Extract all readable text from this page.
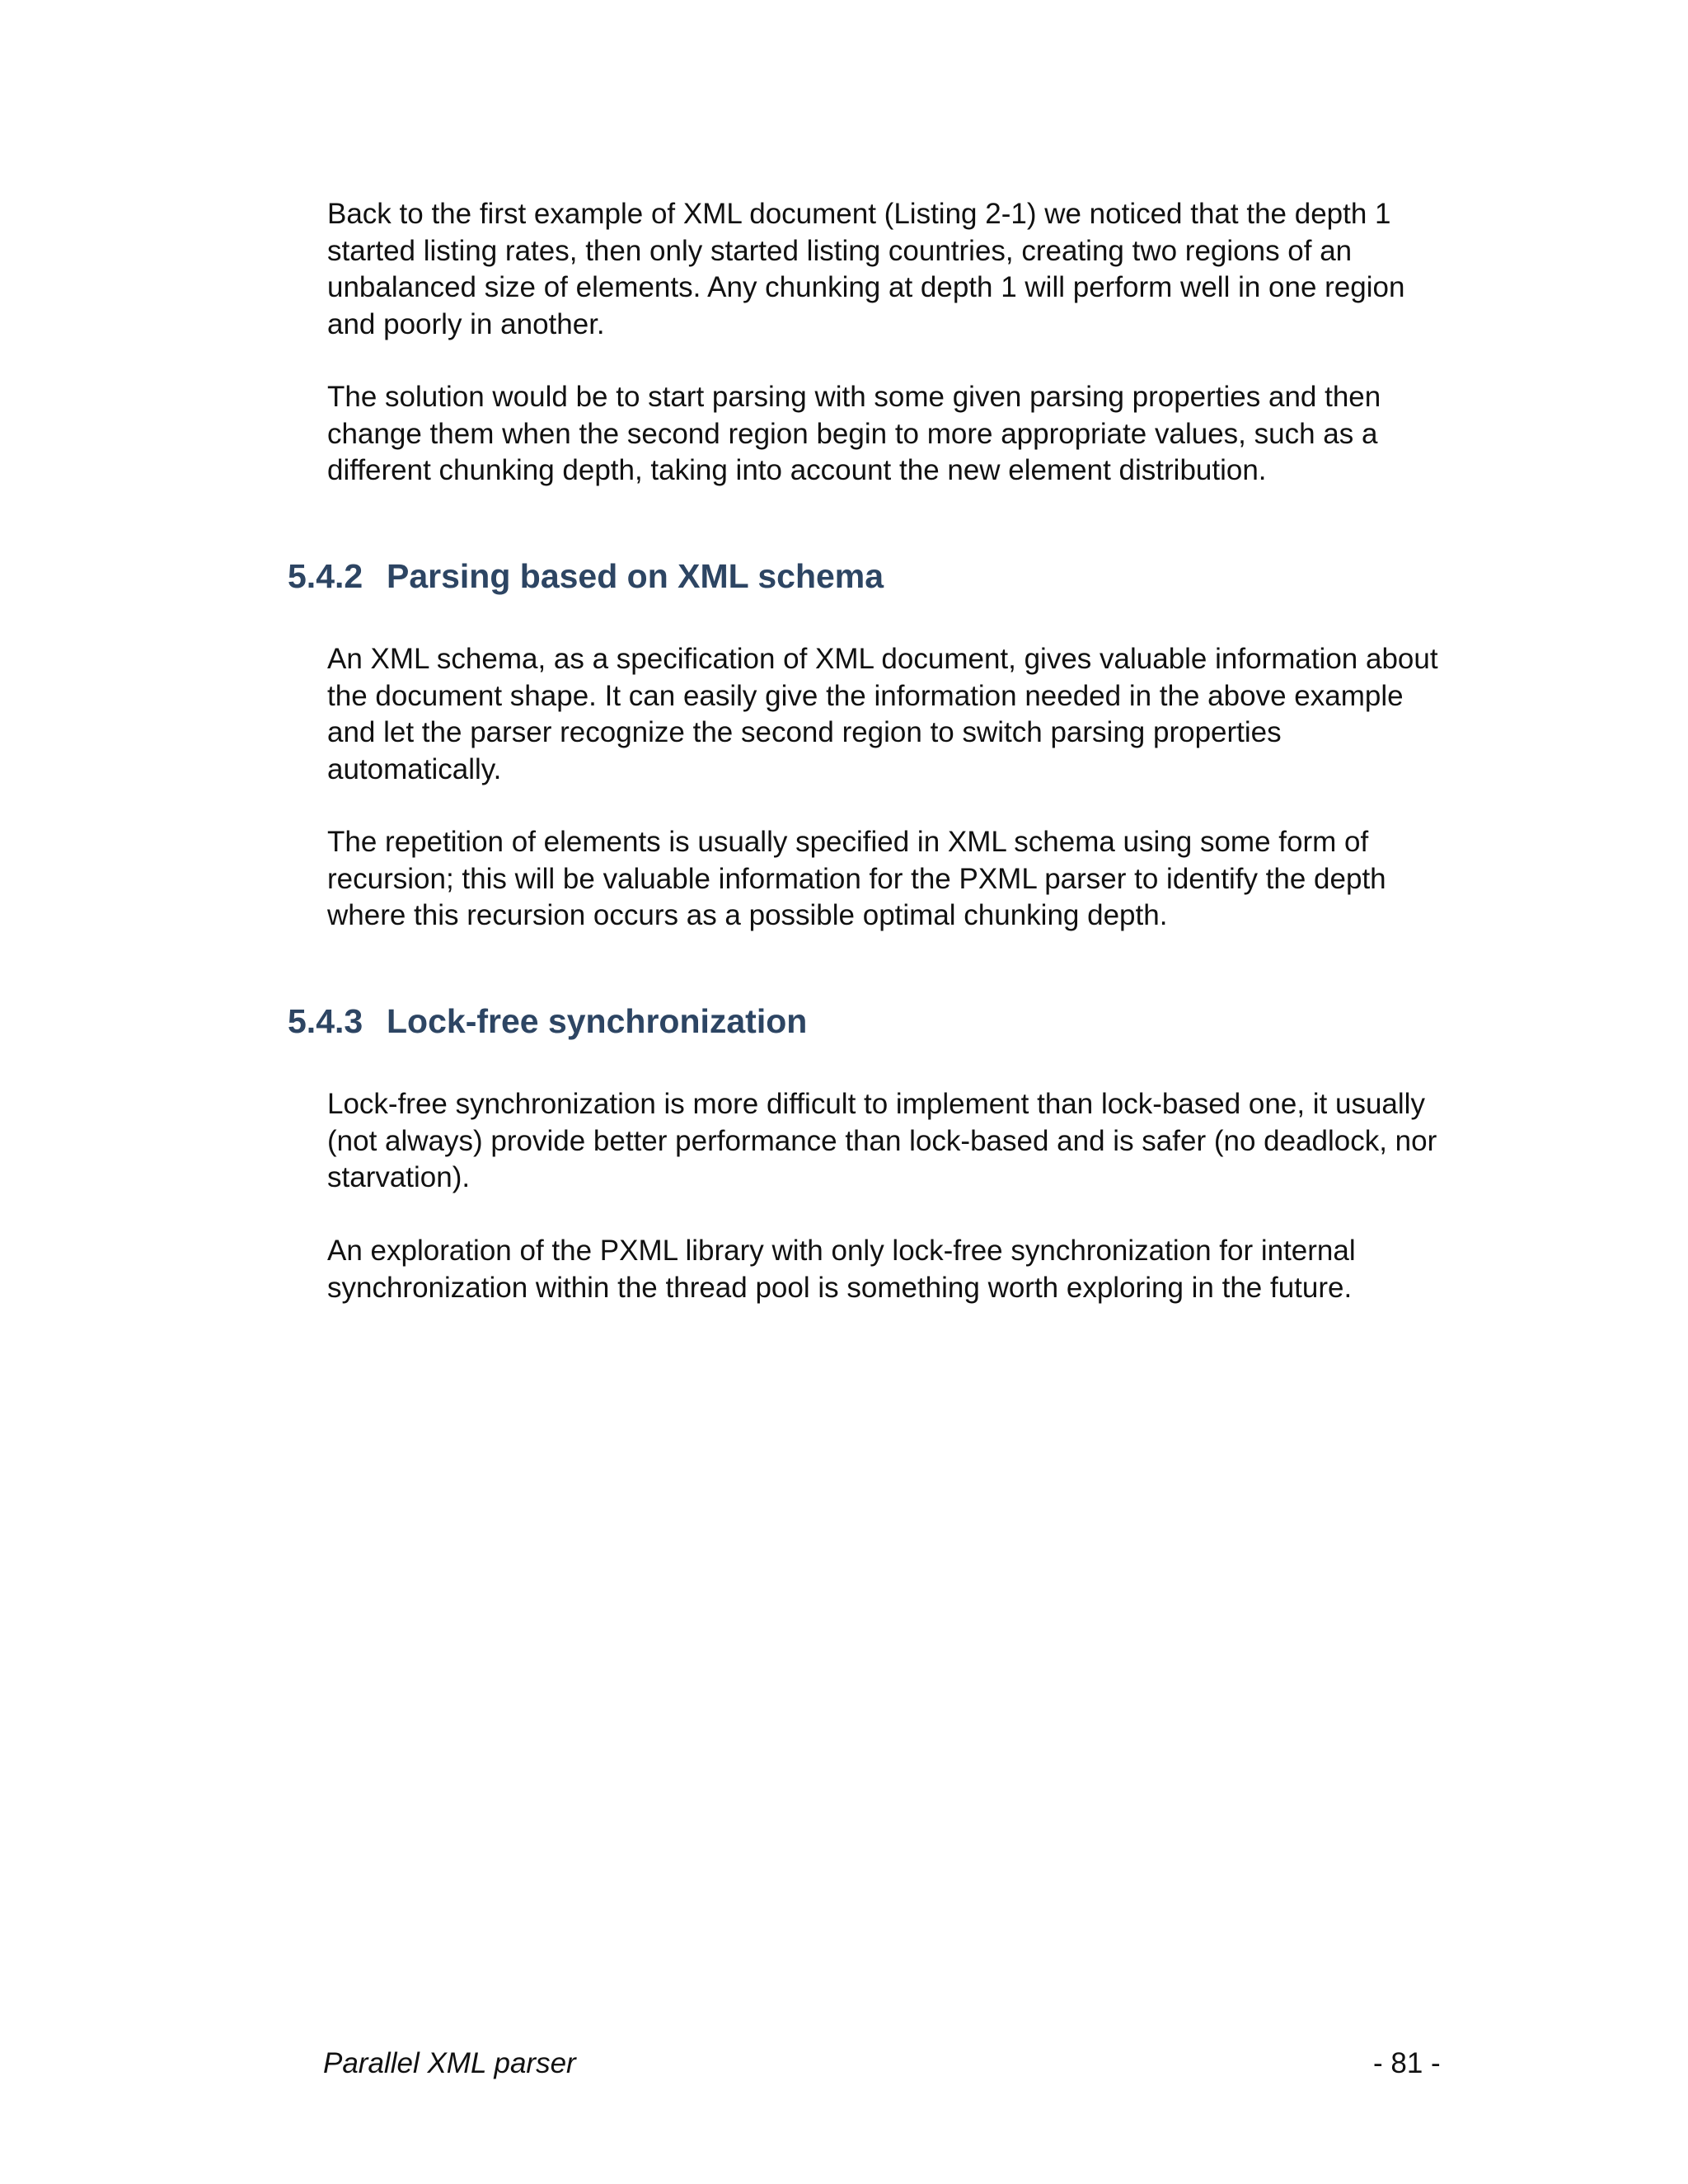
Back to the first example of XML document (Listing 2-1) we noticed that the depth 1
started listing rates, then only started listing countries, creating two regions of an
unbalanced size of elements. Any chunking at depth 1 will perform well in one region
and poorly in another.

The solution would be to start parsing with some given parsing properties and then
change them when the second region begin to more appropriate values, such as a
different chunking depth, taking into account the new element distribution.

5.4.2 Parsing based on XML schema

An XML schema, as a specification of XML document, gives valuable information about
the document shape. It can easily give the information needed in the above example
and let the parser recognize the second region to switch parsing properties
automatically.

The repetition of elements is usually specified in XML schema using some form of
recursion; this will be valuable information for the PXML parser to identify the depth
where this recursion occurs as a possible optimal chunking depth.

5.4.3 Lock-free synchronization

Lock-free synchronization is more difficult to implement than lock-based one, it usually
(not always) provide better performance than lock-based and is safer (no deadlock, nor
starvation).

An exploration of the PXML library with only lock-free synchronization for internal
synchronization within the thread pool is something worth exploring in the future.

Parallel XML parser	- 81 -
